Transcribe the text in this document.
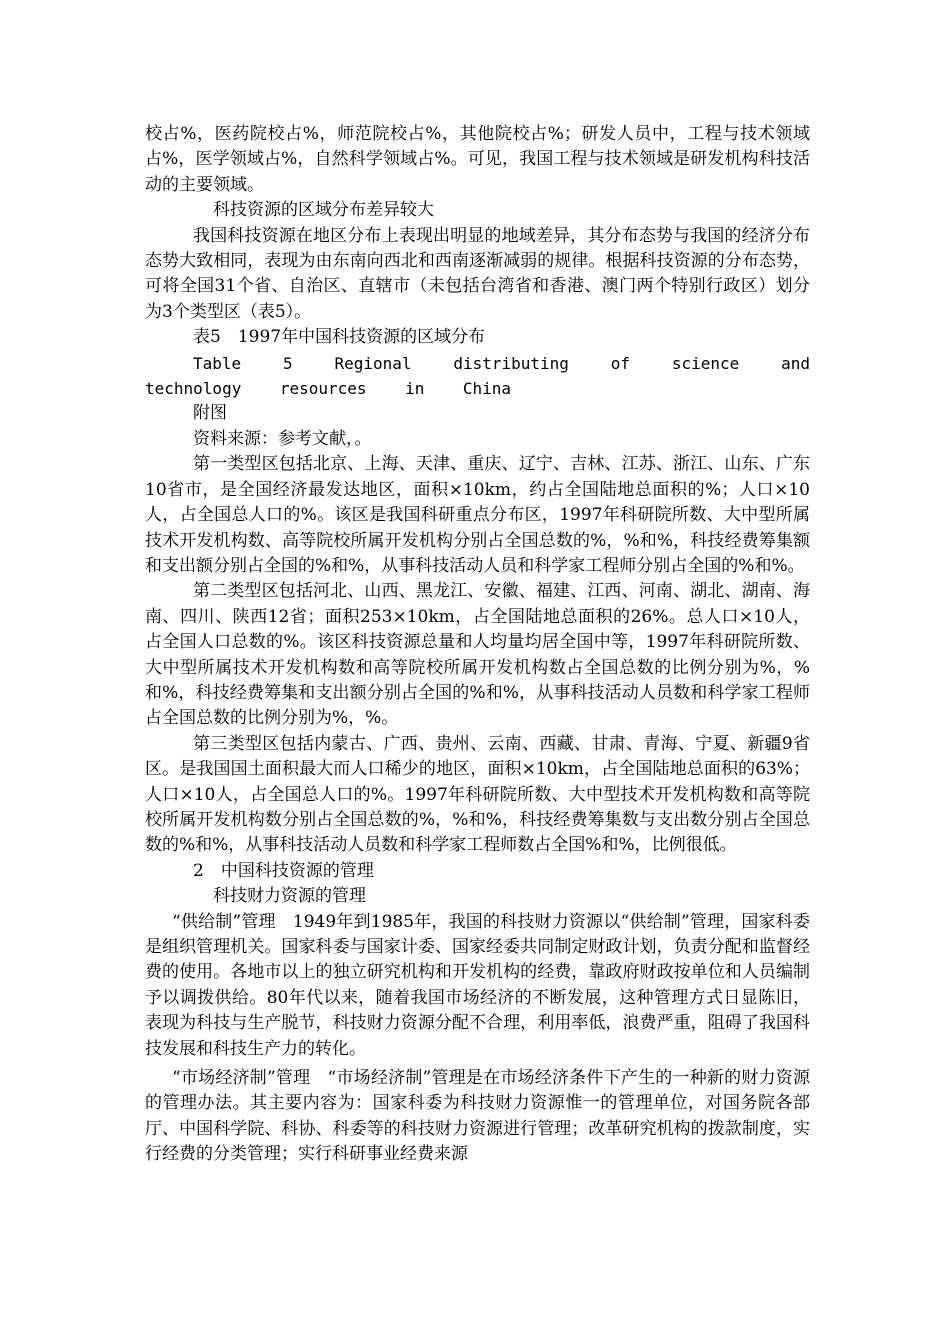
校占%，医药院校占%，师范院校占%，其他院校占%；研发人员中，工程与技术领域占%，医学领域占%，自然科学领域占%。可见，我国工程与技术领域是研发机构科技活动的主要领域。

科技资源的区域分布差异较大

我国科技资源在地区分布上表现出明显的地域差异，其分布态势与我国的经济分布态势大致相同，表现为由东南向西北和西南逐渐减弱的规律。根据科技资源的分布态势，可将全国31个省、自治区、直辖市（未包括台湾省和香港、澳门两个特别行政区）划分为3个类型区（表5）。

表5　1997年中国科技资源的区域分布

Table 5 Regional distributing of science and

technology    resources    in    China

附图

资料来源：参考文献，。

第一类型区包括北京、上海、天津、重庆、辽宁、吉林、江苏、浙江、山东、广东10省市，是全国经济最发达地区，面积×10km，约占全国陆地总面积的%；人口×10人，占全国总人口的%。该区是我国科研重点分布区，1997年科研院所数、大中型所属技术开发机构数、高等院校所属开发机构分别占全国总数的%，%和%，科技经费筹集额和支出额分别占全国的%和%，从事科技活动人员和科学家工程师分别占全国的%和%。

第二类型区包括河北、山西、黑龙江、安徽、福建、江西、河南、湖北、湖南、海南、四川、陕西12省；面积253×10km，占全国陆地总面积的26%。总人口×10人，占全国人口总数的%。该区科技资源总量和人均量均居全国中等，1997年科研院所数、大中型所属技术开发机构数和高等院校所属开发机构数占全国总数的比例分别为%，%和%，科技经费筹集和支出额分别占全国的%和%，从事科技活动人员数和科学家工程师占全国总数的比例分别为%，%。

第三类型区包括内蒙古、广西、贵州、云南、西藏、甘肃、青海、宁夏、新疆9省区。是我国国土面积最大而人口稀少的地区，面积×10km，占全国陆地总面积的63%；人口×10人，占全国总人口的%。1997年科研院所数、大中型技术开发机构数和高等院校所属开发机构数分别占全国总数的%，%和%，科技经费筹集数与支出数分别占全国总数的%和%，从事科技活动人员数和科学家工程师数占全国%和%，比例很低。

2　中国科技资源的管理

科技财力资源的管理

“供给制”管理　1949年到1985年，我国的科技财力资源以“供给制”管理，国家科委是组织管理机关。国家科委与国家计委、国家经委共同制定财政计划，负责分配和监督经费的使用。各地市以上的独立研究机构和开发机构的经费，靠政府财政按单位和人员编制予以调拨供给。80年代以来，随着我国市场经济的不断发展，这种管理方式日显陈旧，表现为科技与生产脱节，科技财力资源分配不合理，利用率低，浪费严重，阻碍了我国科技发展和科技生产力的转化。

“市场经济制”管理　“市场经济制”管理是在市场经济条件下产生的一种新的财力资源的管理办法。其主要内容为：国家科委为科技财力资源惟一的管理单位，对国务院各部厅、中国科学院、科协、科委等的科技财力资源进行管理；改革研究机构的拨款制度，实行经费的分类管理；实行科研事业经费来源
